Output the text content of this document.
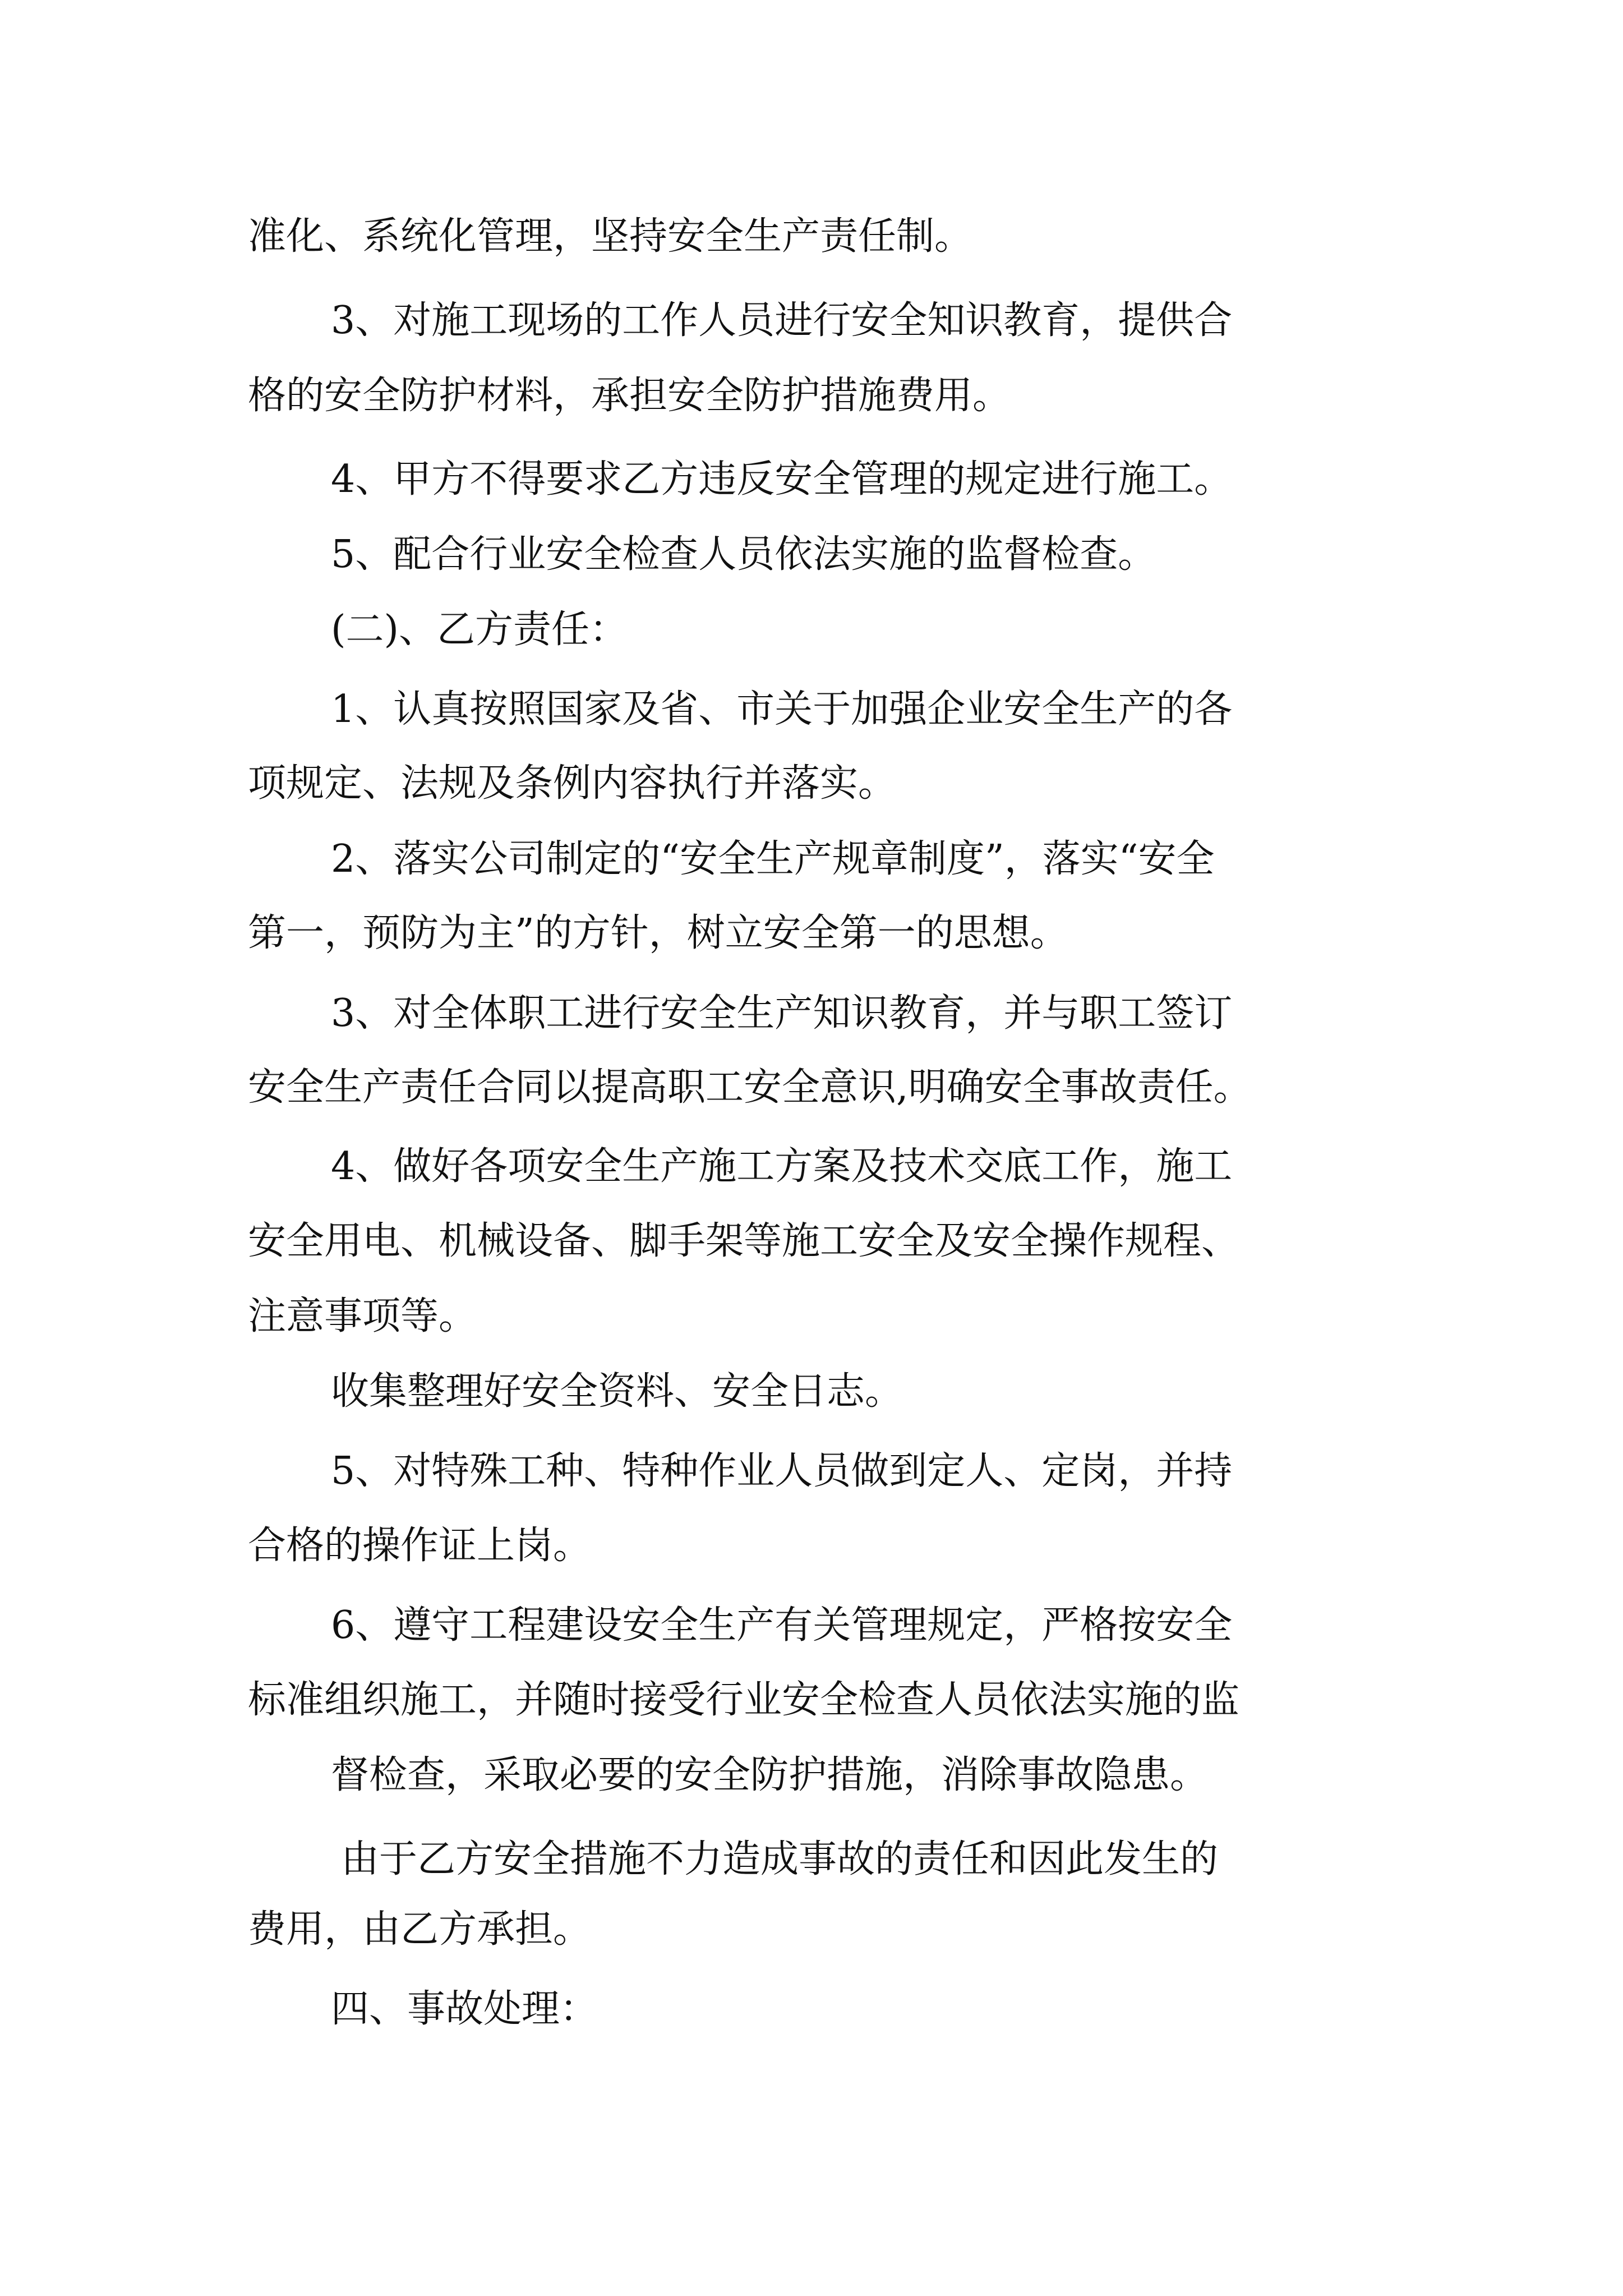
准化、系统化管理，坚持安全生产责任制。
3、对施工现场的工作人员进行安全知识教育，提供合
格的安全防护材料，承担安全防护措施费用。
4、甲方不得要求乙方违反安全管理的规定进行施工。
5、配合行业安全检查人员依法实施的监督检查。
(二)、乙方责任：
1、认真按照国家及省、市关于加强企业安全生产的各
项规定、法规及条例内容执行并落实。
2、落实公司制定的“安全生产规章制度”，落实“安全
第一，预防为主”的方针，树立安全第一的思想。
3、对全体职工进行安全生产知识教育，并与职工签订
安全生产责任合同以提高职工安全意识,明确安全事故责任。
4、做好各项安全生产施工方案及技术交底工作，施工
安全用电、机械设备、脚手架等施工安全及安全操作规程、
注意事项等。
收集整理好安全资料、安全日志。
5、对特殊工种、特种作业人员做到定人、定岗，并持
合格的操作证上岗。
6、遵守工程建设安全生产有关管理规定，严格按安全
标准组织施工，并随时接受行业安全检查人员依法实施的监
督检查，采取必要的安全防护措施，消除事故隐患。
由于乙方安全措施不力造成事故的责任和因此发生的
费用，由乙方承担。
四、事故处理：
